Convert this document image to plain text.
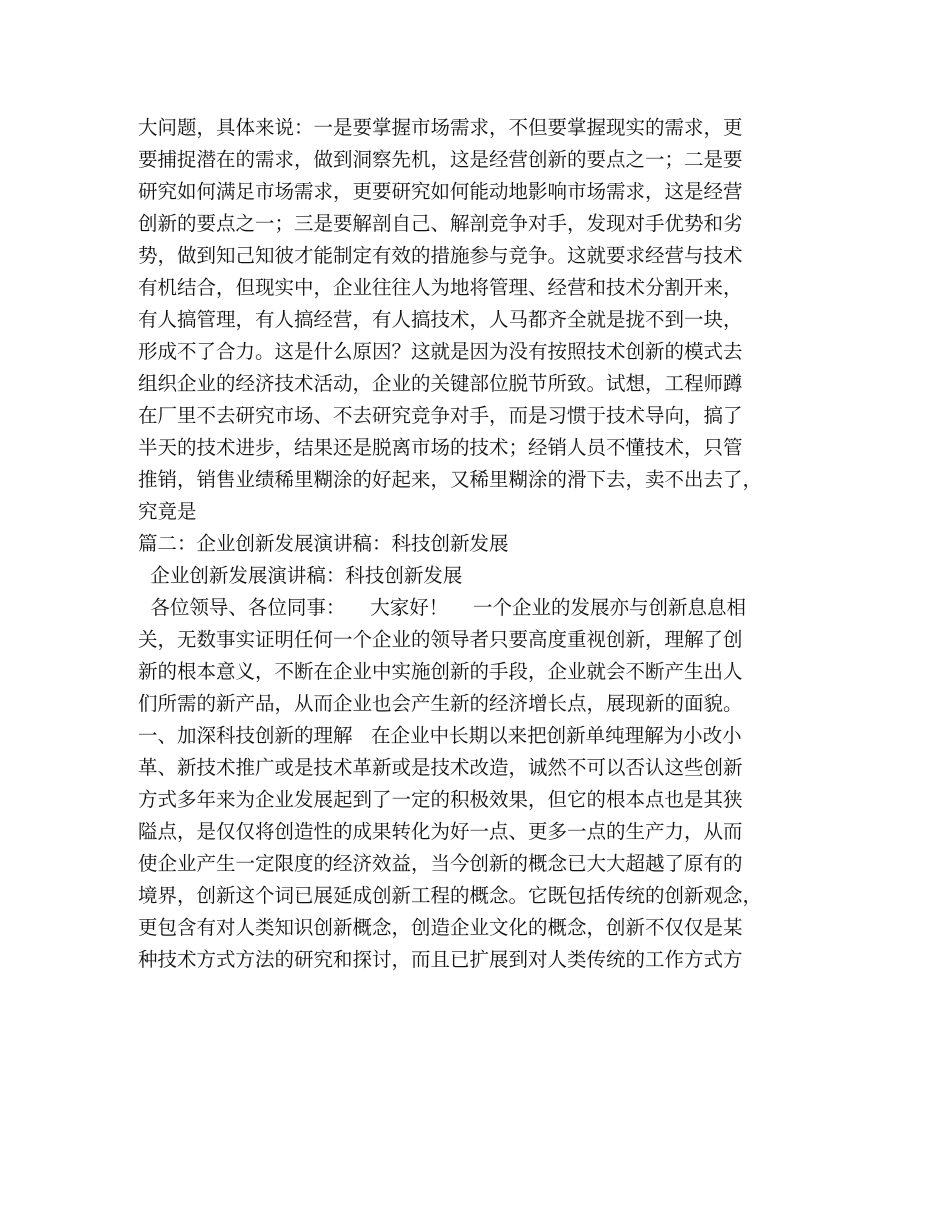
大问题，具体来说：一是要掌握市场需求，不但要掌握现实的需求，更
要捕捉潜在的需求，做到洞察先机，这是经营创新的要点之一；二是要
研究如何满足市场需求，更要研究如何能动地影响市场需求，这是经营
创新的要点之一；三是要解剖自己、解剖竞争对手，发现对手优势和劣
势，做到知己知彼才能制定有效的措施参与竞争。这就要求经营与技术
有机结合，但现实中，企业往往人为地将管理、经营和技术分割开来，
有人搞管理，有人搞经营，有人搞技术，人马都齐全就是拢不到一块，
形成不了合力。这是什么原因？这就是因为没有按照技术创新的模式去
组织企业的经济技术活动，企业的关键部位脱节所致。试想，工程师蹲
在厂里不去研究市场、不去研究竞争对手，而是习惯于技术导向，搞了
半天的技术进步，结果还是脱离市场的技术；经销人员不懂技术，只管
推销，销售业绩稀里糊涂的好起来，又稀里糊涂的滑下去，卖不出去了，
究竟是
篇二：企业创新发展演讲稿：科技创新发展
企业创新发展演讲稿：科技创新发展
各位领导、各位同事：    大家好！    一个企业的发展亦与创新息息相
关，无数事实证明任何一个企业的领导者只要高度重视创新，理解了创
新的根本意义，不断在企业中实施创新的手段，企业就会不断产生出人
们所需的新产品，从而企业也会产生新的经济增长点，展现新的面貌。
一、加深科技创新的理解   在企业中长期以来把创新单纯理解为小改小
革、新技术推广或是技术革新或是技术改造，诚然不可以否认这些创新
方式多年来为企业发展起到了一定的积极效果，但它的根本点也是其狭
隘点，是仅仅将创造性的成果转化为好一点、更多一点的生产力，从而
使企业产生一定限度的经济效益，当今创新的概念已大大超越了原有的
境界，创新这个词已展延成创新工程的概念。它既包括传统的创新观念，
更包含有对人类知识创新概念，创造企业文化的概念，创新不仅仅是某
种技术方式方法的研究和探讨，而且已扩展到对人类传统的工作方式方
